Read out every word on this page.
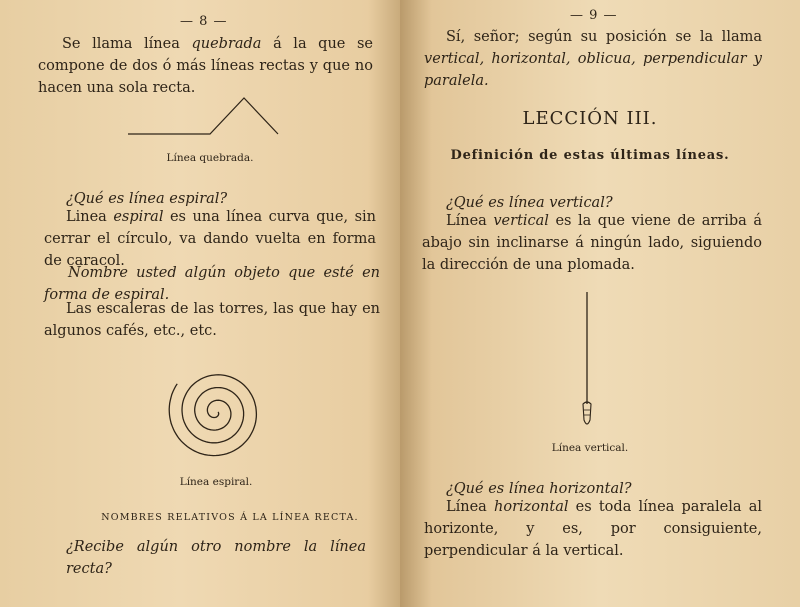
— 8 —

Se llama línea quebrada á la que se compone de dos ó más líneas rectas y que no hacen una sola recta.

Línea quebrada.

¿Qué es línea espiral?

Linea espiral es una línea curva que, sin cerrar el círculo, va dando vuelta en forma de caracol.

Nombre usted algún objeto que esté en forma de espiral.

Las escaleras de las torres, las que hay en algunos cafés, etc., etc.

Línea espiral.
NOMBRES RELATIVOS Á LA LÍNEA RECTA.

¿Recibe algún otro nombre la línea recta?

— 9 —

Sí, señor; según su posición se la llama vertical, horizontal, oblicua, perpendicular y paralela.

LECCIÓN III.
Definición de estas últimas líneas.

¿Qué es línea vertical?

Línea vertical es la que viene de arriba á abajo sin inclinarse á ningún lado, siguiendo la dirección de una plomada.

Línea vertical.

¿Qué es línea horizontal?

Línea horizontal es toda línea paralela al horizonte, y es, por consiguiente, perpendicular á la vertical.
